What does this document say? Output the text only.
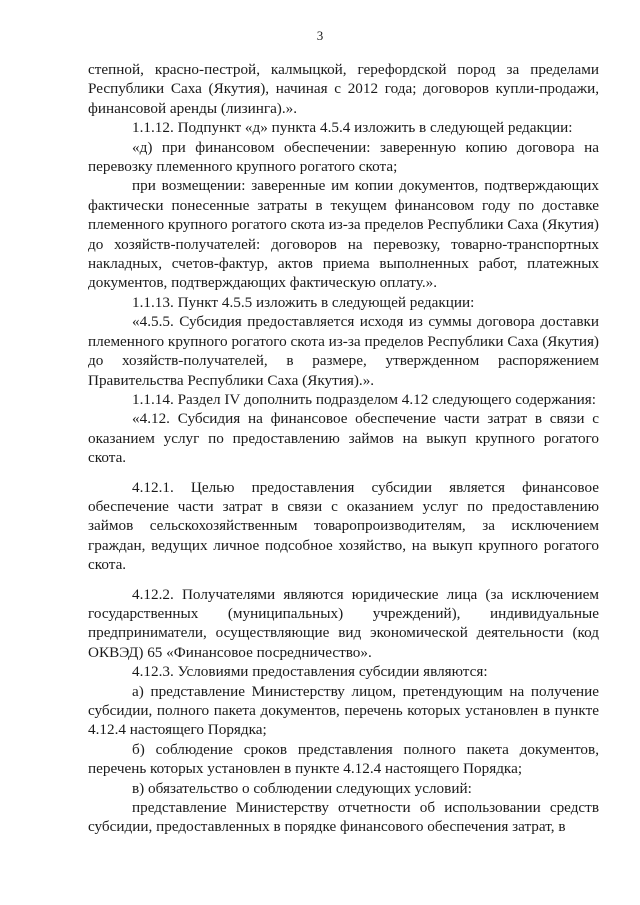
3

степной, красно-пестрой, калмыцкой, герефордской пород за пределами Республики Саха (Якутия), начиная с 2012 года; договоров купли-продажи, финансовой аренды (лизинга).».

1.1.12. Подпункт «д» пункта 4.5.4 изложить в следующей редакции:

«д) при финансовом обеспечении: заверенную копию договора на перевозку племенного крупного рогатого скота;

при возмещении: заверенные им копии документов, подтверждающих фактически понесенные затраты в текущем финансовом году по доставке племенного крупного рогатого скота из-за пределов Республики Саха (Якутия) до хозяйств-получателей: договоров на перевозку, товарно-транспортных накладных, счетов-фактур, актов приема выполненных работ, платежных документов, подтверждающих фактическую оплату.».

1.1.13. Пункт 4.5.5 изложить в следующей редакции:

«4.5.5. Субсидия предоставляется исходя из суммы договора доставки племенного крупного рогатого скота из-за пределов Республики Саха (Якутия) до хозяйств-получателей, в размере, утвержденном распоряжением Правительства Республики Саха (Якутия).».

1.1.14. Раздел IV дополнить подразделом 4.12 следующего содержания:

«4.12. Субсидия на финансовое обеспечение части затрат в связи с оказанием услуг по предоставлению займов на выкуп крупного рогатого скота.

4.12.1. Целью предоставления субсидии является финансовое обеспечение части затрат в связи с оказанием услуг по предоставлению займов сельскохозяйственным товаропроизводителям, за исключением граждан, ведущих личное подсобное хозяйство, на выкуп крупного рогатого скота.

4.12.2. Получателями являются юридические лица (за исключением государственных (муниципальных) учреждений), индивидуальные предприниматели, осуществляющие вид экономической деятельности (код ОКВЭД) 65 «Финансовое посредничество».

4.12.3. Условиями предоставления субсидии являются:

а) представление Министерству лицом, претендующим на получение субсидии, полного пакета документов, перечень которых установлен в пункте 4.12.4 настоящего Порядка;

б) соблюдение сроков представления полного пакета документов, перечень которых установлен в пункте 4.12.4 настоящего Порядка;

в) обязательство о соблюдении следующих условий:

представление Министерству отчетности об использовании средств субсидии, предоставленных в порядке финансового обеспечения затрат, в
